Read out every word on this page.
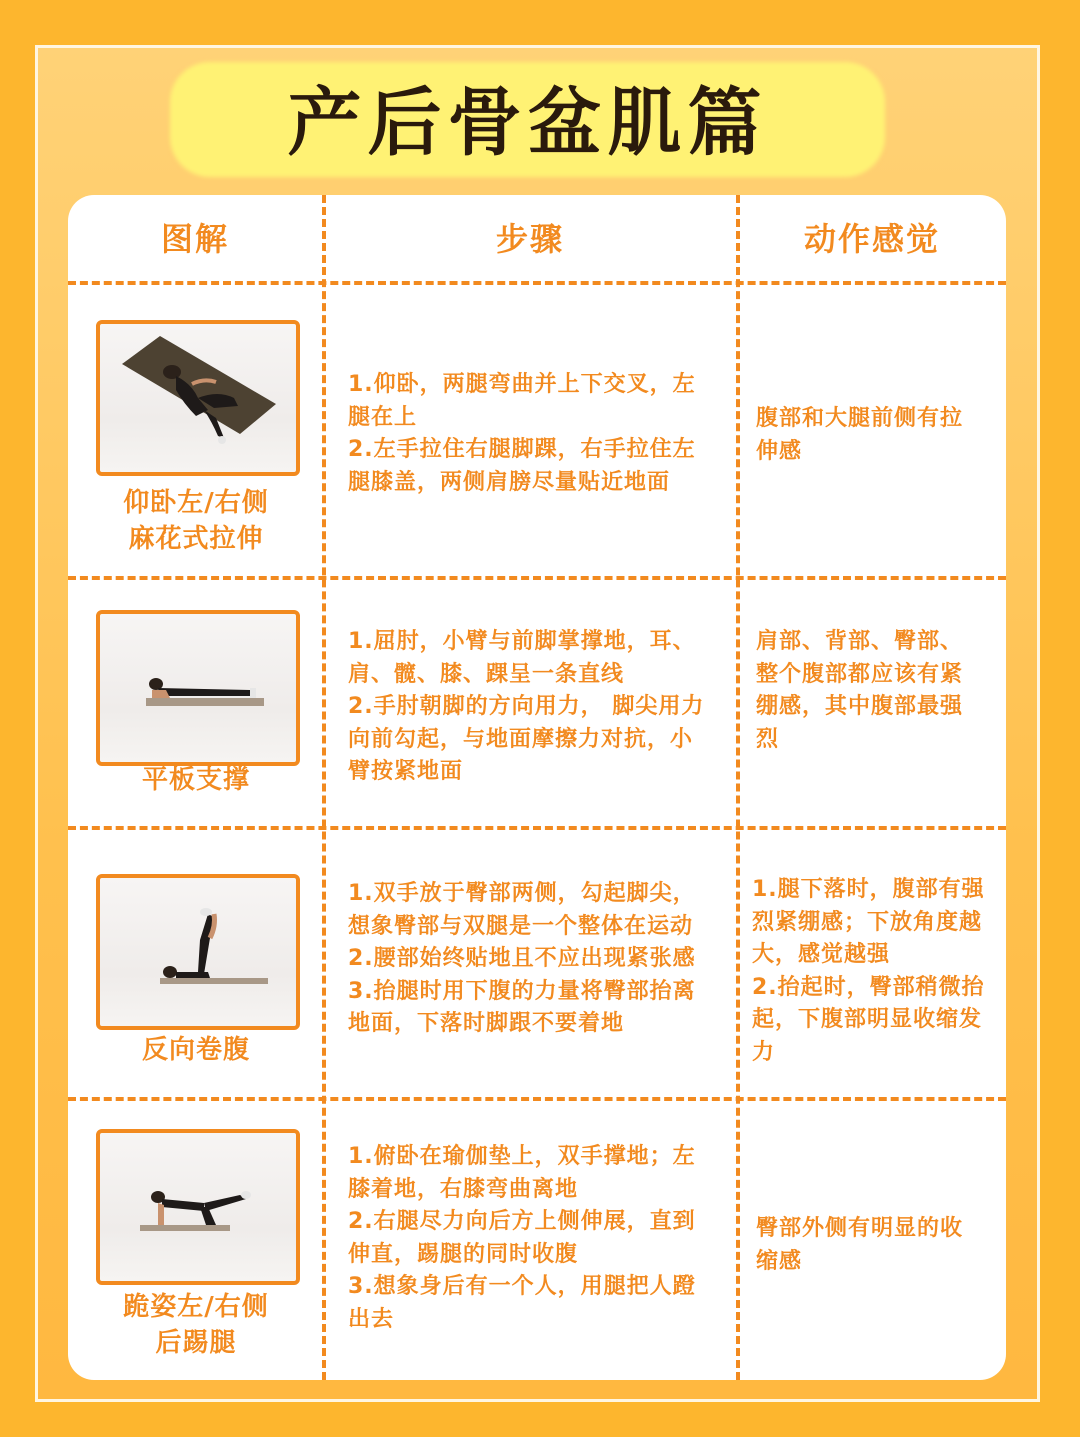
产后骨盆肌篇
图解	步骤	动作感觉
仰卧左/右侧
麻花式拉伸
1.仰卧，两腿弯曲并上下交叉，左
腿在上
2.左手拉住右腿脚踝，右手拉住左
腿膝盖，两侧肩膀尽量贴近地面
腹部和大腿前侧有拉
伸感
平板支撑
1.屈肘，小臂与前脚掌撑地，耳、
肩、髋、膝、踝呈一条直线
2.手肘朝脚的方向用力， 脚尖用力
向前勾起，与地面摩擦力对抗，小
臂按紧地面
肩部、背部、臀部、
整个腹部都应该有紧
绷感，其中腹部最强
烈
反向卷腹
1.双手放于臀部两侧，勾起脚尖，
想象臀部与双腿是一个整体在运动
2.腰部始终贴地且不应出现紧张感
3.抬腿时用下腹的力量将臀部抬离
地面，下落时脚跟不要着地
1.腿下落时，腹部有强
烈紧绷感；下放角度越
大，感觉越强
2.抬起时，臀部稍微抬
起，下腹部明显收缩发
力
跪姿左/右侧
后踢腿
1.俯卧在瑜伽垫上，双手撑地；左
膝着地，右膝弯曲离地
2.右腿尽力向后方上侧伸展，直到
伸直，踢腿的同时收腹
3.想象身后有一个人，用腿把人蹬
出去
臀部外侧有明显的收
缩感
